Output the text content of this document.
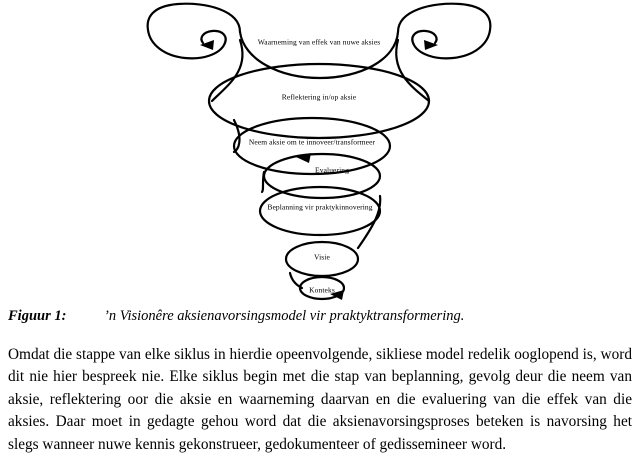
Waarneming van effek van nuwe aksies
Reflektering in/op aksie
Neem aksie om te innoveer/transformeer
Evaluering
Beplanning vir praktykinnovering
Visie
Konteks
Figuur 1:	’n Visionêre aksienavorsingsmodel vir praktyktransformering.

Omdat die stappe van elke siklus in hierdie opeenvolgende, sikliese model redelik ooglopend is, word dit nie hier bespreek nie. Elke siklus begin met die stap van beplanning, gevolg deur die neem van aksie, reflektering oor die aksie en waarneming daarvan en die evaluering van die effek van die aksies. Daar moet in gedagte gehou word dat die aksienavorsingsproses beteken is navorsing het slegs wanneer nuwe kennis gekonstrueer, gedokumenteer of gedissemineer word.
